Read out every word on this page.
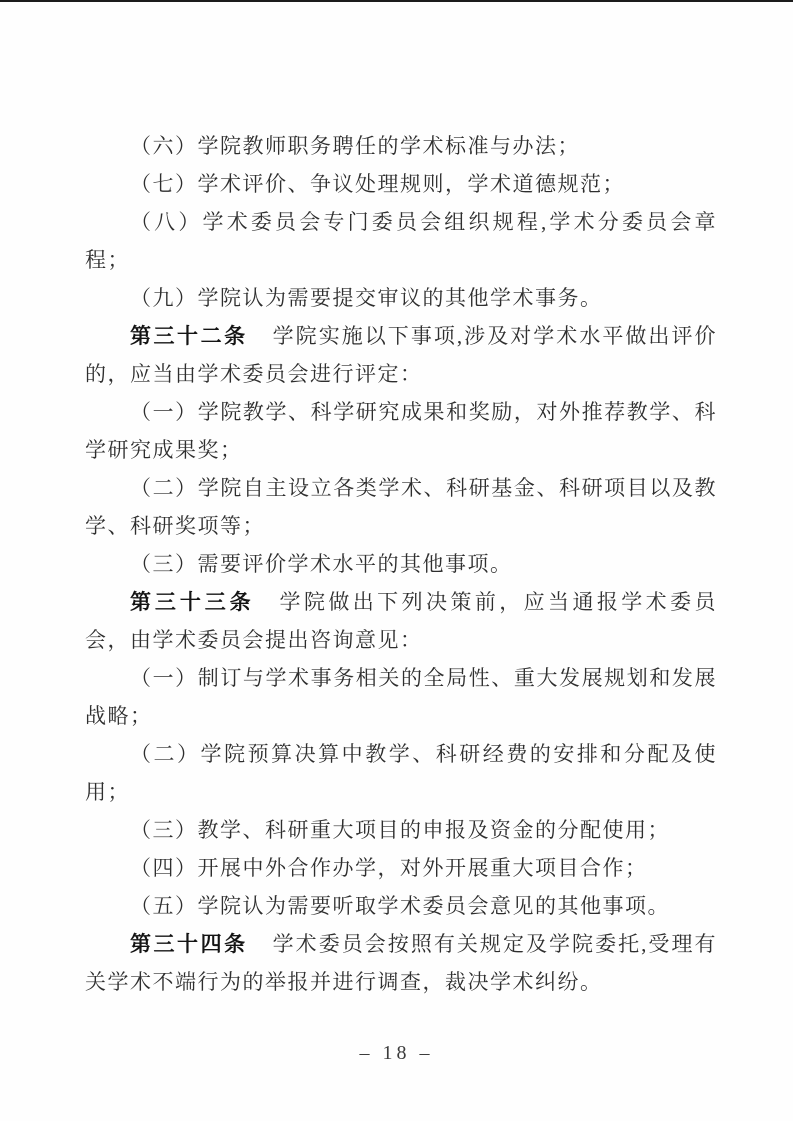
（六）学院教师职务聘任的学术标准与办法；

（七）学术评价、争议处理规则，学术道德规范；

（八）学术委员会专门委员会组织规程,学术分委员会章程；

（九）学院认为需要提交审议的其他学术事务。

第三十二条 学院实施以下事项,涉及对学术水平做出评价的，应当由学术委员会进行评定：

（一）学院教学、科学研究成果和奖励，对外推荐教学、科学研究成果奖；

（二）学院自主设立各类学术、科研基金、科研项目以及教学、科研奖项等；

（三）需要评价学术水平的其他事项。

第三十三条 学院做出下列决策前，应当通报学术委员会，由学术委员会提出咨询意见：

（一）制订与学术事务相关的全局性、重大发展规划和发展战略；

（二）学院预算决算中教学、科研经费的安排和分配及使用；

（三）教学、科研重大项目的申报及资金的分配使用；

（四）开展中外合作办学，对外开展重大项目合作；

（五）学院认为需要听取学术委员会意见的其他事项。

第三十四条 学术委员会按照有关规定及学院委托,受理有关学术不端行为的举报并进行调查，裁决学术纠纷。

– 18 –
